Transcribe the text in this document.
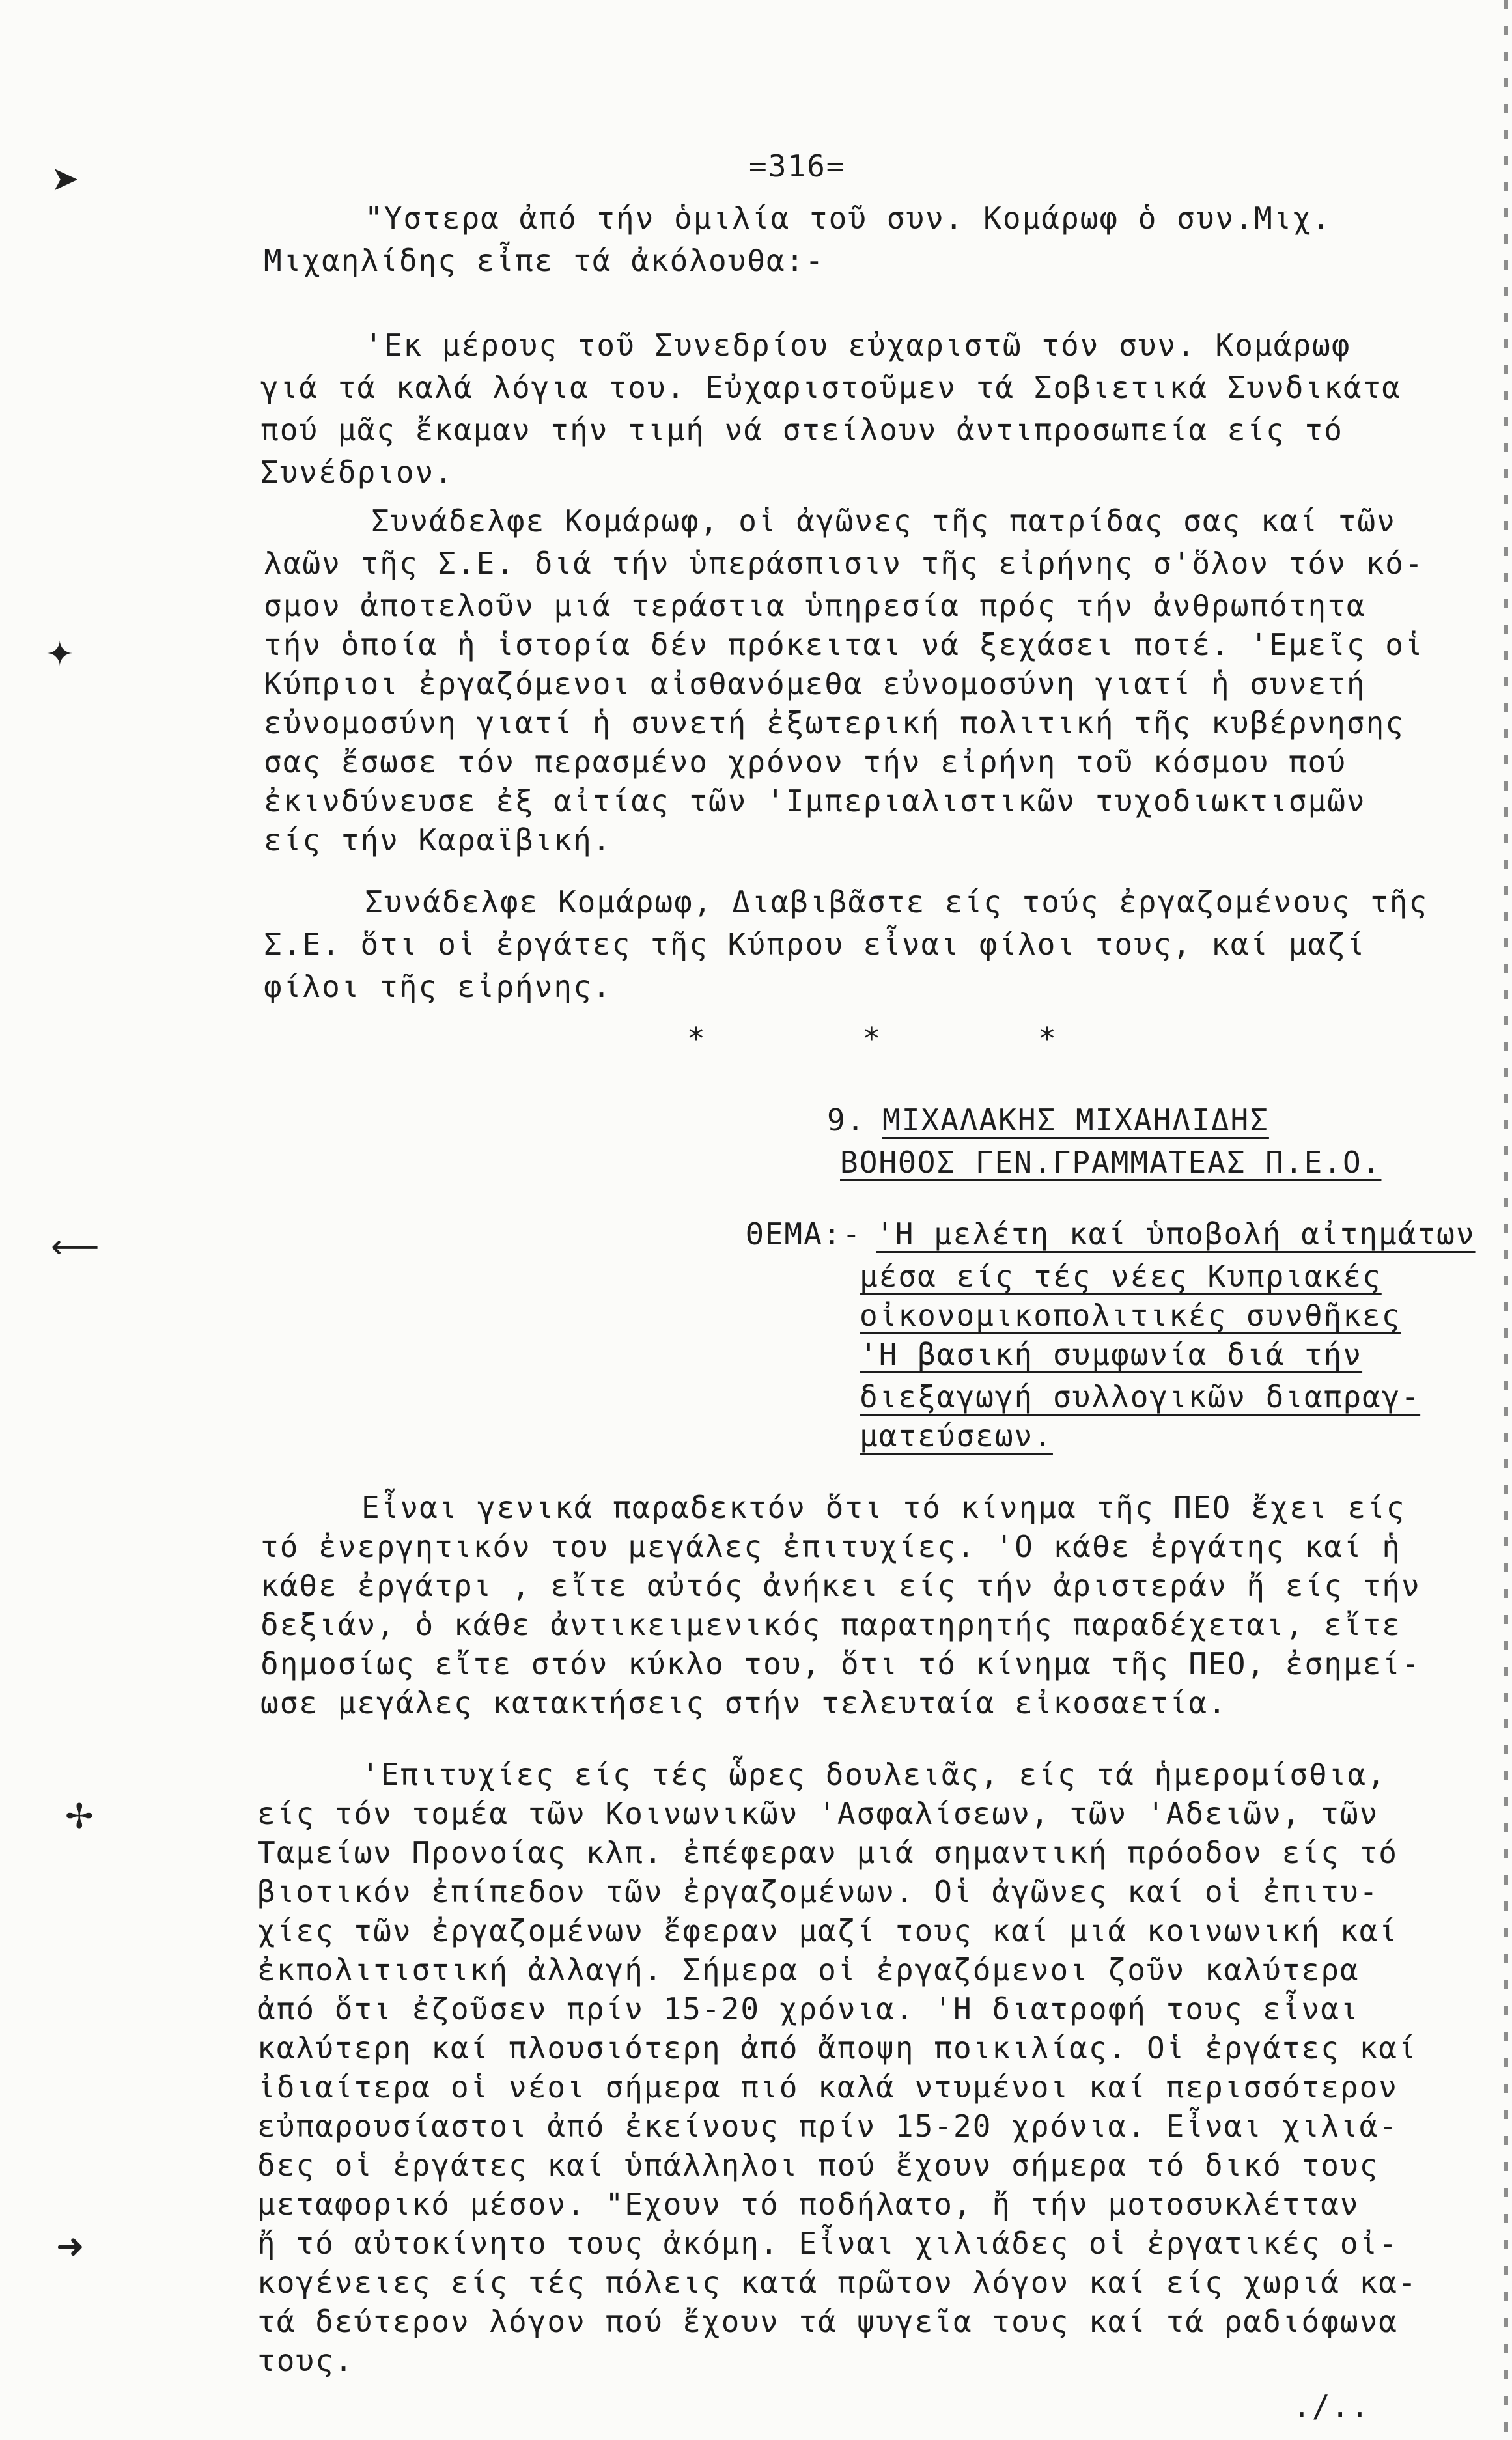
➤
✦
⟵
✢
➜
=316=
"Υστερα ἀπό τήν ὁμιλία τοῦ συν. Κομάρωφ ὁ συν.Μιχ.
Μιχαηλίδης εἶπε τά ἀκόλουθα:-
'Εκ μέρους τοῦ Συνεδρίου εὐχαριστῶ τόν συν. Κομάρωφ
γιά τά καλά λόγια του. Εὐχαριστοῦμεν τά Σοβιετικά Συνδικάτα
πού μᾶς ἔκαμαν τήν τιμή νά στείλουν ἀντιπροσωπεία είς τό
Συνέδριον.
Συνάδελφε Κομάρωφ, οἱ ἀγῶνες τῆς πατρίδας σας καί τῶν
λαῶν τῆς Σ.Ε. διά τήν ὑπεράσπισιν τῆς εἰρήνης σ'ὅλον τόν κό-
σμον ἀποτελοῦν μιά τεράστια ὑπηρεσία πρός τήν ἀνθρωπότητα
τήν ὁποία ἡ ἱστορία δέν πρόκειται νά ξεχάσει ποτέ. 'Εμεῖς οἱ
Κύπριοι ἐργαζόμενοι αἰσθανόμεθα εὐνομοσύνη γιατί ἡ συνετή
εὐνομοσύνη γιατί ἡ συνετή ἐξωτερική πολιτική τῆς κυβέρνησης
σας ἔσωσε τόν περασμένο χρόνον τήν εἰρήνη τοῦ κόσμου πού
ἐκινδύνευσε ἐξ αἰτίας τῶν 'Ιμπεριαλιστικῶν τυχοδιωκτισμῶν
είς τήν Καραϊβική.
Συνάδελφε Κομάρωφ, Διαβιβᾶστε είς τούς ἐργαζομένους τῆς
Σ.Ε. ὅτι οἱ ἐργάτες τῆς Κύπρου εἶναι φίλοι τους, καί μαζί
φίλοι τῆς εἰρήνης.
*       *       *
9. ΜΙΧΑΛΑΚΗΣ ΜΙΧΑΗΛΙΔΗΣ
ΒΟΗΘΟΣ ΓΕΝ.ΓΡΑΜΜΑΤΕΑΣ Π.Ε.Ο.
ΘΕΜΑ:- 'Η μελέτη καί ὑποβολή αἰτημάτων
μέσα είς τές νέες Κυπριακές
οἰκονομικοπολιτικές συνθῆκες
'Η βασική συμφωνία διά τήν
διεξαγωγή συλλογικῶν διαπραγ-
ματεύσεων.
Εἶναι γενικά παραδεκτόν ὅτι τό κίνημα τῆς ΠΕΟ ἔχει είς
τό ἐνεργητικόν του μεγάλες ἐπιτυχίες. 'Ο κάθε ἐργάτης καί ἡ
κάθε ἐργάτρι , εἴτε αὐτός ἀνήκει είς τήν ἀριστεράν ἤ είς τήν
δεξιάν, ὁ κάθε ἀντικειμενικός παρατηρητής παραδέχεται, εἴτε
δημοσίως εἴτε στόν κύκλο του, ὅτι τό κίνημα τῆς ΠΕΟ, ἐσημεί-
ωσε μεγάλες κατακτήσεις στήν τελευταία εἰκοσαετία.
'Επιτυχίες είς τές ὧρες δουλειᾶς, είς τά ἡμερομίσθια,
είς τόν τομέα τῶν Κοινωνικῶν 'Ασφαλίσεων, τῶν 'Αδειῶν, τῶν
Ταμείων Προνοίας κλπ. ἐπέφεραν μιά σημαντική πρόοδον είς τό
βιοτικόν ἐπίπεδον τῶν ἐργαζομένων. Οἱ ἀγῶνες καί οἱ ἐπιτυ-
χίες τῶν ἐργαζομένων ἔφεραν μαζί τους καί μιά κοινωνική καί
ἐκπολιτιστική ἀλλαγή. Σήμερα οἱ ἐργαζόμενοι ζοῦν καλύτερα
ἀπό ὅτι ἐζοῦσεν πρίν 15-20 χρόνια. 'Η διατροφή τους εἶναι
καλύτερη καί πλουσιότερη ἀπό ἄποψη ποικιλίας. Οἱ ἐργάτες καί
ἰδιαίτερα οἱ νέοι σήμερα πιό καλά ντυμένοι καί περισσότερον
εὐπαρουσίαστοι ἀπό ἐκείνους πρίν 15-20 χρόνια. Εἶναι χιλιά-
δες οἱ ἐργάτες καί ὑπάλληλοι πού ἔχουν σήμερα τό δικό τους
μεταφορικό μέσον. "Εχουν τό ποδήλατο, ἤ τήν μοτοσυκλέτταν
ἤ τό αὐτοκίνητο τους ἀκόμη. Εἶναι χιλιάδες οἱ ἐργατικές οἰ-
κογένειες είς τές πόλεις κατά πρῶτον λόγον καί είς χωριά κα-
τά δεύτερον λόγον πού ἔχουν τά ψυγεῖα τους καί τά ραδιόφωνα
τους.
./..
